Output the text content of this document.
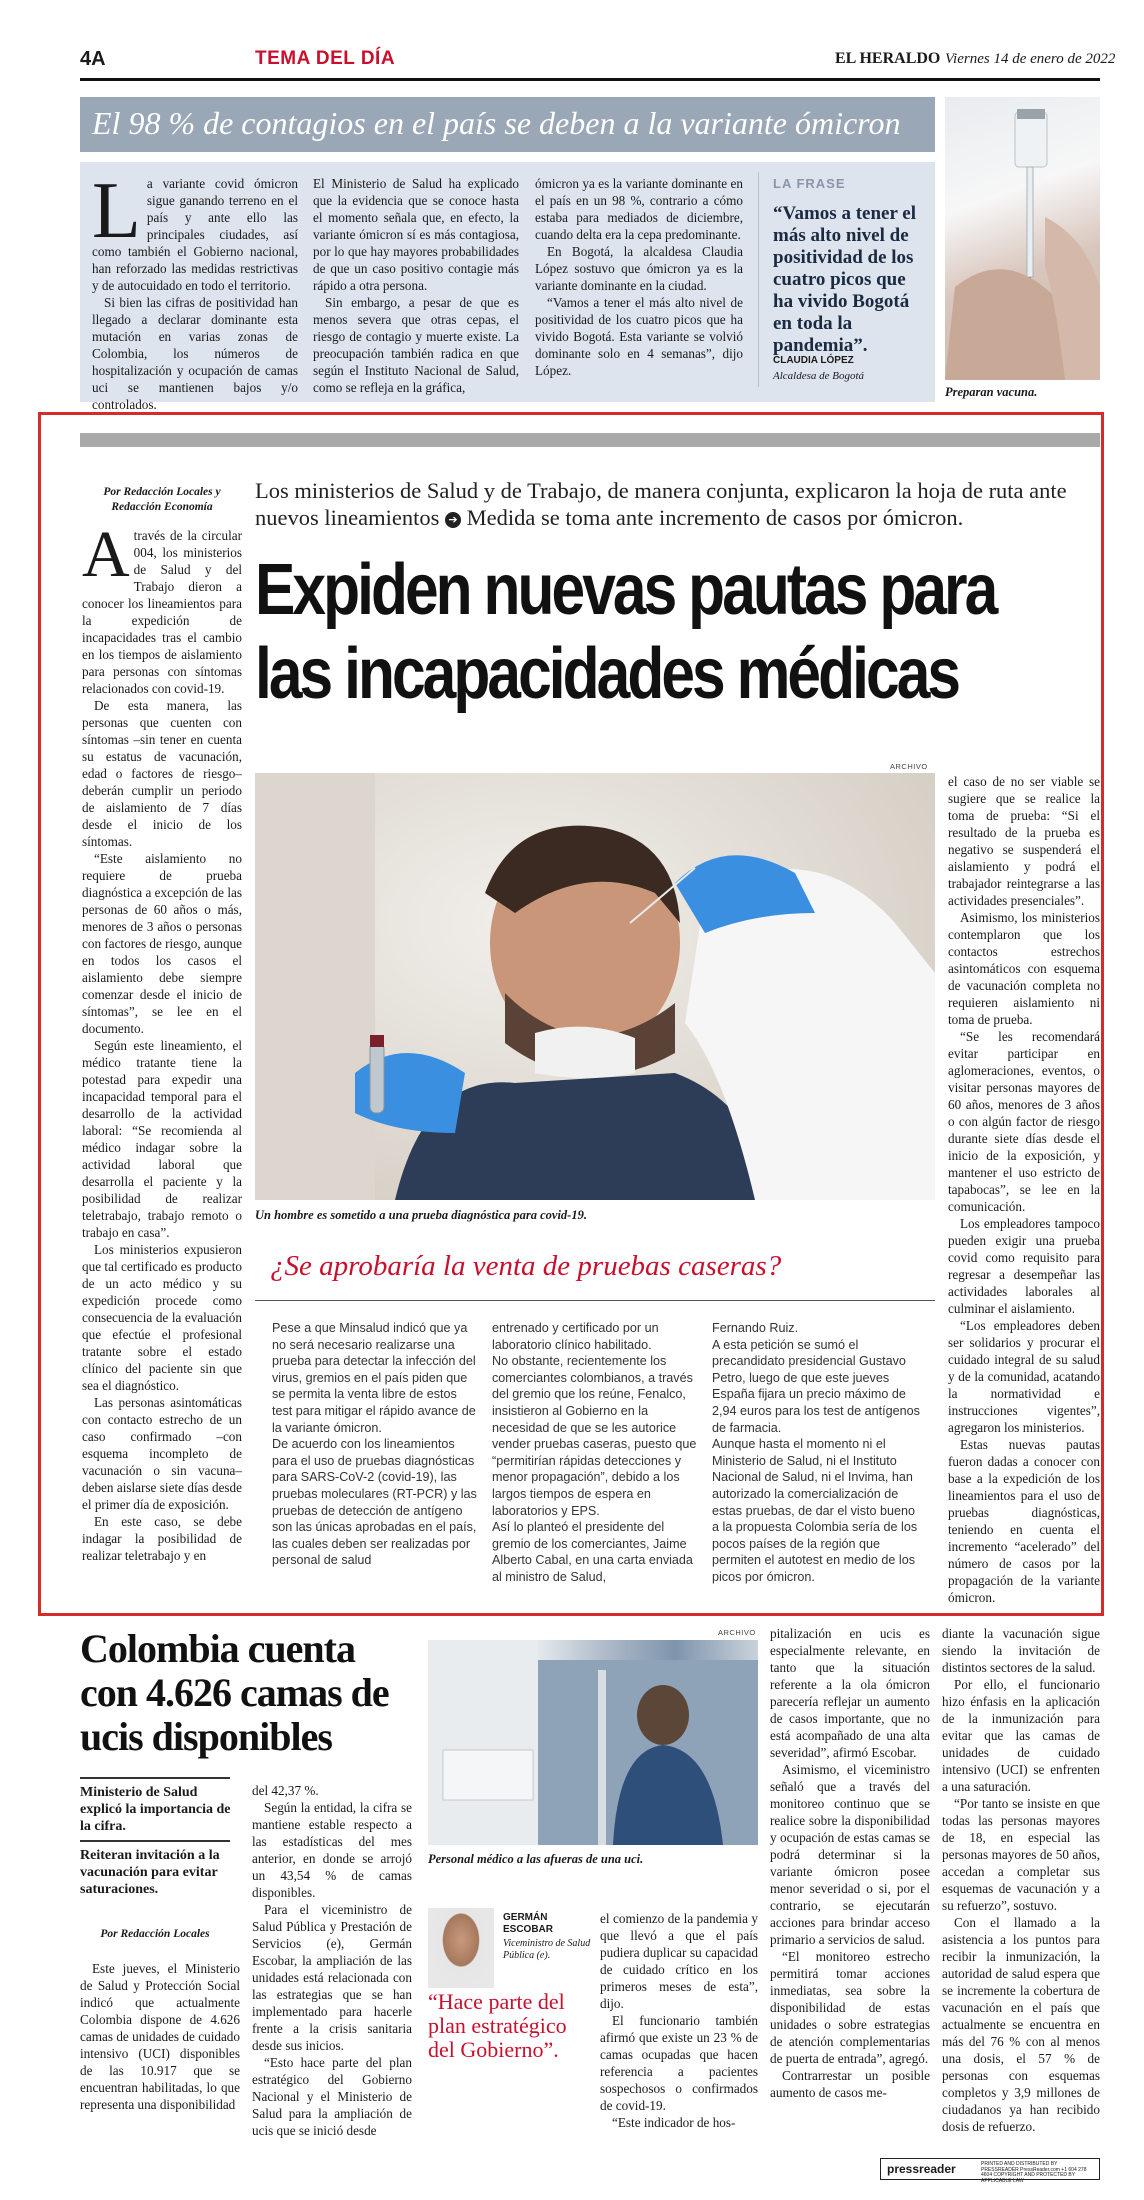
4A	TEMA DEL DÍA	EL HERALDO Viernes 14 de enero de 2022
El 98 % de contagios en el país se deben a la variante ómicron

La variante covid ómicron sigue ganando terreno en el país y ante ello las principales ciudades, así como también el Gobierno nacional, han reforzado las medidas restrictivas y de autocuidado en todo el territorio.

Si bien las cifras de positividad han llegado a declarar dominante esta mutación en varias zonas de Colombia, los números de hospitalización y ocupación de camas uci se mantienen bajos y/o controlados.

El Ministerio de Salud ha explicado que la evidencia que se conoce hasta el momento señala que, en efecto, la variante ómicron sí es más contagiosa, por lo que hay mayores probabilidades de que un caso positivo contagie más rápido a otra persona.

Sin embargo, a pesar de que es menos severa que otras cepas, el riesgo de contagio y muerte existe. La preocupación también radica en que según el Instituto Nacional de Salud, como se refleja en la gráfica,

ómicron ya es la variante dominante en el país en un 98 %, contrario a cómo estaba para mediados de diciembre, cuando delta era la cepa predominante.

En Bogotá, la alcaldesa Claudia López sostuvo que ómicron ya es la variante dominante en la ciudad.

“Vamos a tener el más alto nivel de positividad de los cuatro picos que ha vivido Bogotá. Esta variante se volvió dominante solo en 4 semanas”, dijo López.

LA FRASE
“Vamos a tener el más alto nivel de positividad de los cuatro picos que ha vivido Bogotá en toda la pandemia”.
CLAUDIA LÓPEZ
Alcaldesa de Bogotá
Preparan vacuna.
Por Redacción Locales y
Redacción Economía
Los ministerios de Salud y de Trabajo, de manera conjunta, explicaron la hoja de ruta ante nuevos lineamientos ➔ Medida se toma ante incremento de casos por ómicron.
Expiden nuevas pautas para
las incapacidades médicas

Através de la circular 004, los ministerios de Salud y del Trabajo dieron a conocer los lineamientos para la expedición de incapacidades tras el cambio en los tiempos de aislamiento para personas con síntomas relacionados con covid-19.

De esta manera, las personas que cuenten con síntomas –sin tener en cuenta su estatus de vacunación, edad o factores de riesgo– deberán cumplir un periodo de aislamiento de 7 días desde el inicio de los síntomas.

“Este aislamiento no requiere de prueba diagnóstica a excepción de las personas de 60 años o más, menores de 3 años o personas con factores de riesgo, aunque en todos los casos el aislamiento debe siempre comenzar desde el inicio de síntomas”, se lee en el documento.

Según este lineamiento, el médico tratante tiene la potestad para expedir una incapacidad temporal para el desarrollo de la actividad laboral: “Se recomienda al médico indagar sobre la actividad laboral que desarrolla el paciente y la posibilidad de realizar teletrabajo, trabajo remoto o trabajo en casa”.

Los ministerios expusieron que tal certificado es producto de un acto médico y su expedición procede como consecuencia de la evaluación que efectúe el profesional tratante sobre el estado clínico del paciente sin que sea el diagnóstico.

Las personas asintomáticas con contacto estrecho de un caso confirmado –con esquema incompleto de vacunación o sin vacuna– deben aislarse siete días desde el primer día de exposición.

En este caso, se debe indagar la posibilidad de realizar teletrabajo y en

ARCHIVO
Un hombre es sometido a una prueba diagnóstica para covid-19.

el caso de no ser viable se sugiere que se realice la toma de prueba: “Si el resultado de la prueba es negativo se suspenderá el aislamiento y podrá el trabajador reintegrarse a las actividades presenciales”.

Asimismo, los ministerios contemplaron que los contactos estrechos asintomáticos con esquema de vacunación completa no requieren aislamiento ni toma de prueba.

“Se les recomendará evitar participar en aglomeraciones, eventos, o visitar personas mayores de 60 años, menores de 3 años o con algún factor de riesgo durante siete días desde el inicio de la exposición, y mantener el uso estricto de tapabocas”, se lee en la comunicación.

Los empleadores tampoco pueden exigir una prueba covid como requisito para regresar a desempeñar las actividades laborales al culminar el aislamiento.

“Los empleadores deben ser solidarios y procurar el cuidado integral de su salud y de la comunidad, acatando la normatividad e instrucciones vigentes”, agregaron los ministerios.

Estas nuevas pautas fueron dadas a conocer con base a la expedición de los lineamientos para el uso de pruebas diagnósticas, teniendo en cuenta el incremento “acelerado” del número de casos por la propagación de la variante ómicron.

¿Se aprobaría la venta de pruebas caseras?

Pese a que Minsalud indicó que ya no será necesario realizarse una prueba para detectar la infección del virus, gremios en el país piden que se permita la venta libre de estos test para mitigar el rápido avance de la variante ómicron.

De acuerdo con los lineamientos para el uso de pruebas diagnósticas para SARS-CoV-2 (covid-19), las pruebas moleculares (RT-PCR) y las pruebas de detección de antígeno son las únicas aprobadas en el país, las cuales deben ser realizadas por personal de salud

entrenado y certificado por un laboratorio clínico habilitado.

No obstante, recientemente los comerciantes colombianos, a través del gremio que los reúne, Fenalco, insistieron al Gobierno en la necesidad de que se les autorice vender pruebas caseras, puesto que “permitirían rápidas detecciones y menor propagación”, debido a los largos tiempos de espera en laboratorios y EPS.

Así lo planteó el presidente del gremio de los comerciantes, Jaime Alberto Cabal, en una carta enviada al ministro de Salud,

Fernando Ruiz.

A esta petición se sumó el precandidato presidencial Gustavo Petro, luego de que este jueves España fijara un precio máximo de 2,94 euros para los test de antígenos de farmacia.

Aunque hasta el momento ni el Ministerio de Salud, ni el Instituto Nacional de Salud, ni el Invima, han autorizado la comercialización de estas pruebas, de dar el visto bueno a la propuesta Colombia sería de los pocos países de la región que permiten el autotest en medio de los picos por ómicron.

Colombia cuenta con 4.626 camas de ucis disponibles
Ministerio de Salud explicó la importancia de la cifra.
Reiteran invitación a la vacunación para evitar saturaciones.
Por Redacción Locales

Este jueves, el Ministerio de Salud y Protección Social indicó que actualmente Colombia dispone de 4.626 camas de unidades de cuidado intensivo (UCI) disponibles de las 10.917 que se encuentran habilitadas, lo que representa una disponibilidad

del 42,37 %.

Según la entidad, la cifra se mantiene estable respecto a las estadísticas del mes anterior, en donde se arrojó un 43,54 % de camas disponibles.

Para el viceministro de Salud Pública y Prestación de Servicios (e), Germán Escobar, la ampliación de las unidades está relacionada con las estrategias que se han implementado para hacerle frente a la crisis sanitaria desde sus inicios.

“Esto hace parte del plan estratégico del Gobierno Nacional y el Ministerio de Salud para la ampliación de ucis que se inició desde

ARCHIVO
Personal médico a las afueras de una uci.
GERMÁN
ESCOBAR
Viceministro de Salud Pública (e).
“Hace parte del plan estratégico del Gobierno”.

el comienzo de la pandemia y que llevó a que el país pudiera duplicar su capacidad de cuidado crítico en los primeros meses de esta”, dijo.

El funcionario también afirmó que existe un 23 % de camas ocupadas que hacen referencia a pacientes sospechosos o confirmados de covid-19.

“Este indicador de hos-

pitalización en ucis es especialmente relevante, en tanto que la situación referente a la ola ómicron parecería reflejar un aumento de casos importante, que no está acompañado de una alta severidad”, afirmó Escobar.

Asimismo, el viceministro señaló que a través del monitoreo continuo que se realice sobre la disponibilidad y ocupación de estas camas se podrá determinar si la variante ómicron posee menor severidad o si, por el contrario, se ejecutarán acciones para brindar acceso primario a servicios de salud.

“El monitoreo estrecho permitirá tomar acciones inmediatas, sea sobre la disponibilidad de estas unidades o sobre estrategias de atención complementarias de puerta de entrada”, agregó.

Contrarrestar un posible aumento de casos me-

diante la vacunación sigue siendo la invitación de distintos sectores de la salud.

Por ello, el funcionario hizo énfasis en la aplicación de la inmunización para evitar que las camas de unidades de cuidado intensivo (UCI) se enfrenten a una saturación.

“Por tanto se insiste en que todas las personas mayores de 18, en especial las personas mayores de 50 años, accedan a completar sus esquemas de vacunación y a su refuerzo”, sostuvo.

Con el llamado a la asistencia a los puntos para recibir la inmunización, la autoridad de salud espera que se incremente la cobertura de vacunación en el país que actualmente se encuentra en más del 76 % con al menos una dosis, el 57 % de personas con esquemas completos y 3,9 millones de ciudadanos ya han recibido dosis de refuerzo.

pressreader	PRINTED AND DISTRIBUTED BY PRESSREADER PressReader.com +1 604 278 4604 COPYRIGHT AND PROTECTED BY APPLICABLE LAW
